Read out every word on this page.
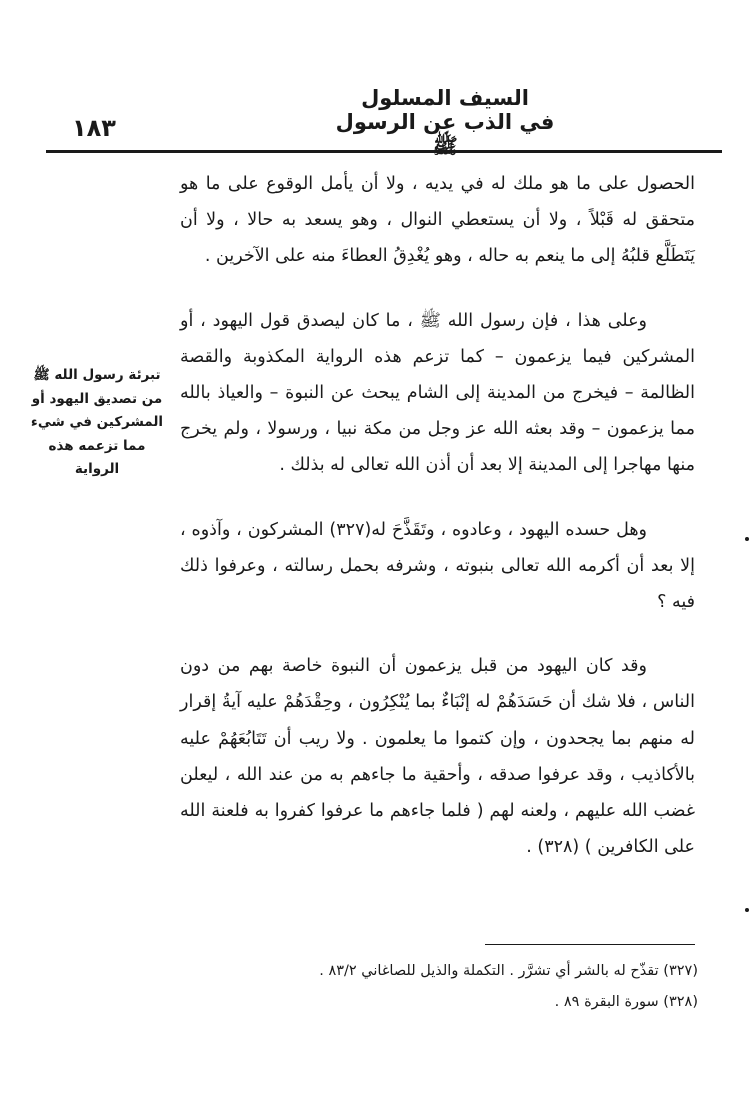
١٨٣
السيف المسلول
في الذب عن الرسول ﷺ

الحصول على ما هو ملك له في يديه ، ولا أن يأمل الوقوع على ما هو متحقق له قَبْلاً ، ولا أن يستعطي النوال ، وهو يسعد به حالا ، ولا أن يَتَطَلَّع قلبُهُ إلى ما ينعم به حاله ، وهو يُغْدِقُ العطاءَ منه على الآخرين .

وعلى هذا ، فإن رسول الله ﷺ ، ما كان ليصدق قول اليهود ، أو المشركين فيما يزعمون – كما تزعم هذه الرواية المكذوبة والقصة الظالمة – فيخرج من المدينة إلى الشام يبحث عن النبوة – والعياذ بالله مما يزعمون – وقد بعثه الله عز وجل من مكة نبيا ، ورسولا ، ولم يخرج منها مهاجرا إلى المدينة إلا بعد أن أذن الله تعالى له بذلك .

وهل حسده اليهود ، وعادوه ، وتَقَذَّحَ له(٣٢٧) المشركون ، وآذوه ، إلا بعد أن أكرمه الله تعالى بنبوته ، وشرفه بحمل رسالته ، وعرفوا ذلك فيه ؟

وقد كان اليهود من قبل يزعمون أن النبوة خاصة بهم من دون الناس ، فلا شك أن حَسَدَهُمْ له إنْبَاءٌ بما يُنْكِرُون ، وحِقْدَهُمْ عليه آيةُ إقرار له منهم بما يجحدون ، وإن كتموا ما يعلمون . ولا ريب أن تَتَابُعَهُمْ عليه بالأكاذيب ، وقد عرفوا صدقه ، وأحقية ما جاءهم به من عند الله ، ليعلن غضب الله عليهم ، ولعنه لهم ( فلما جاءهم ما عرفوا كفروا به فلعنة الله على الكافرين ) (٣٢٨) .

تبرئة رسول الله ﷺ من تصديق اليهود أو المشركين في شيء مما تزعمه هذه الرواية

(٣٢٧) تقذّح له بالشر أي تشرَّر . التكملة والذيل للصاغاني ٨٣/٢ .

(٣٢٨) سورة البقرة ٨٩ .
